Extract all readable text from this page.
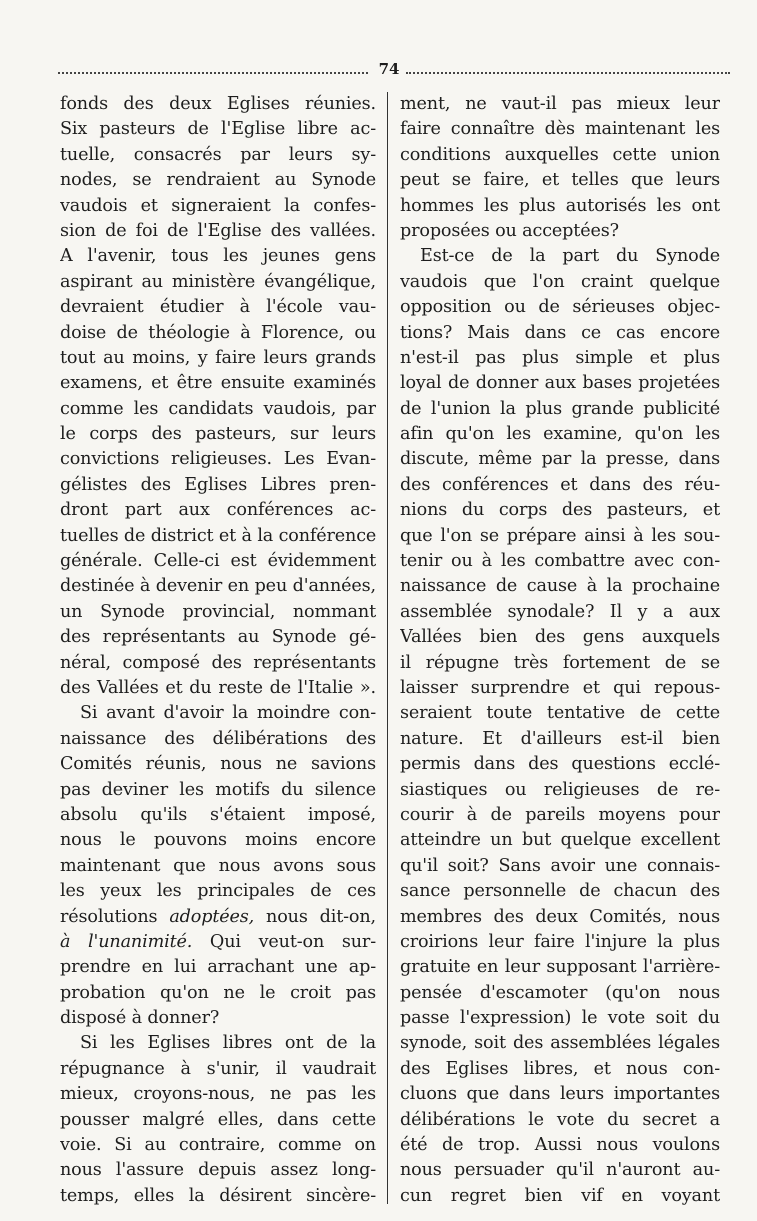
74
fonds des deux Eglises réunies.
Six pasteurs de l'Eglise libre ac-
tuelle, consacrés par leurs sy-
nodes, se rendraient au Synode
vaudois et signeraient la confes-
sion de foi de l'Eglise des vallées.
A l'avenir, tous les jeunes gens
aspirant au ministère évangélique,
devraient étudier à l'école vau-
doise de théologie à Florence, ou
tout au moins, y faire leurs grands
examens, et être ensuite examinés
comme les candidats vaudois, par
le corps des pasteurs, sur leurs
convictions religieuses. Les Evan-
gélistes des Eglises Libres pren-
dront part aux conférences ac-
tuelles de district et à la conférence
générale. Celle-ci est évidemment
destinée à devenir en peu d'années,
un Synode provincial, nommant
des représentants au Synode gé-
néral, composé des représentants
des Vallées et du reste de l'Italie ».
Si avant d'avoir la moindre con-
naissance des délibérations des
Comités réunis, nous ne savions
pas deviner les motifs du silence
absolu qu'ils s'étaient imposé,
nous le pouvons moins encore
maintenant que nous avons sous
les yeux les principales de ces
résolutions adoptées, nous dit-on,
à l'unanimité. Qui veut-on sur-
prendre en lui arrachant une ap-
probation qu'on ne le croit pas
disposé à donner?
Si les Eglises libres ont de la
répugnance à s'unir, il vaudrait
mieux, croyons-nous, ne pas les
pousser malgré elles, dans cette
voie. Si au contraire, comme on
nous l'assure depuis assez long-
temps, elles la désirent sincère-
ment, ne vaut-il pas mieux leur
faire connaître dès maintenant les
conditions auxquelles cette union
peut se faire, et telles que leurs
hommes les plus autorisés les ont
proposées ou acceptées?
Est-ce de la part du Synode
vaudois que l'on craint quelque
opposition ou de sérieuses objec-
tions? Mais dans ce cas encore
n'est-il pas plus simple et plus
loyal de donner aux bases projetées
de l'union la plus grande publicité
afin qu'on les examine, qu'on les
discute, même par la presse, dans
des conférences et dans des réu-
nions du corps des pasteurs, et
que l'on se prépare ainsi à les sou-
tenir ou à les combattre avec con-
naissance de cause à la prochaine
assemblée synodale? Il y a aux
Vallées bien des gens auxquels
il répugne très fortement de se
laisser surprendre et qui repous-
seraient toute tentative de cette
nature. Et d'ailleurs est-il bien
permis dans des questions ecclé-
siastiques ou religieuses de re-
courir à de pareils moyens pour
atteindre un but quelque excellent
qu'il soit? Sans avoir une connais-
sance personnelle de chacun des
membres des deux Comités, nous
croirions leur faire l'injure la plus
gratuite en leur supposant l'arrière-
pensée d'escamoter (qu'on nous
passe l'expression) le vote soit du
synode, soit des assemblées légales
des Eglises libres, et nous con-
cluons que dans leurs importantes
délibérations le vote du secret a
été de trop. Aussi nous voulons
nous persuader qu'il n'auront au-
cun regret bien vif en voyant
